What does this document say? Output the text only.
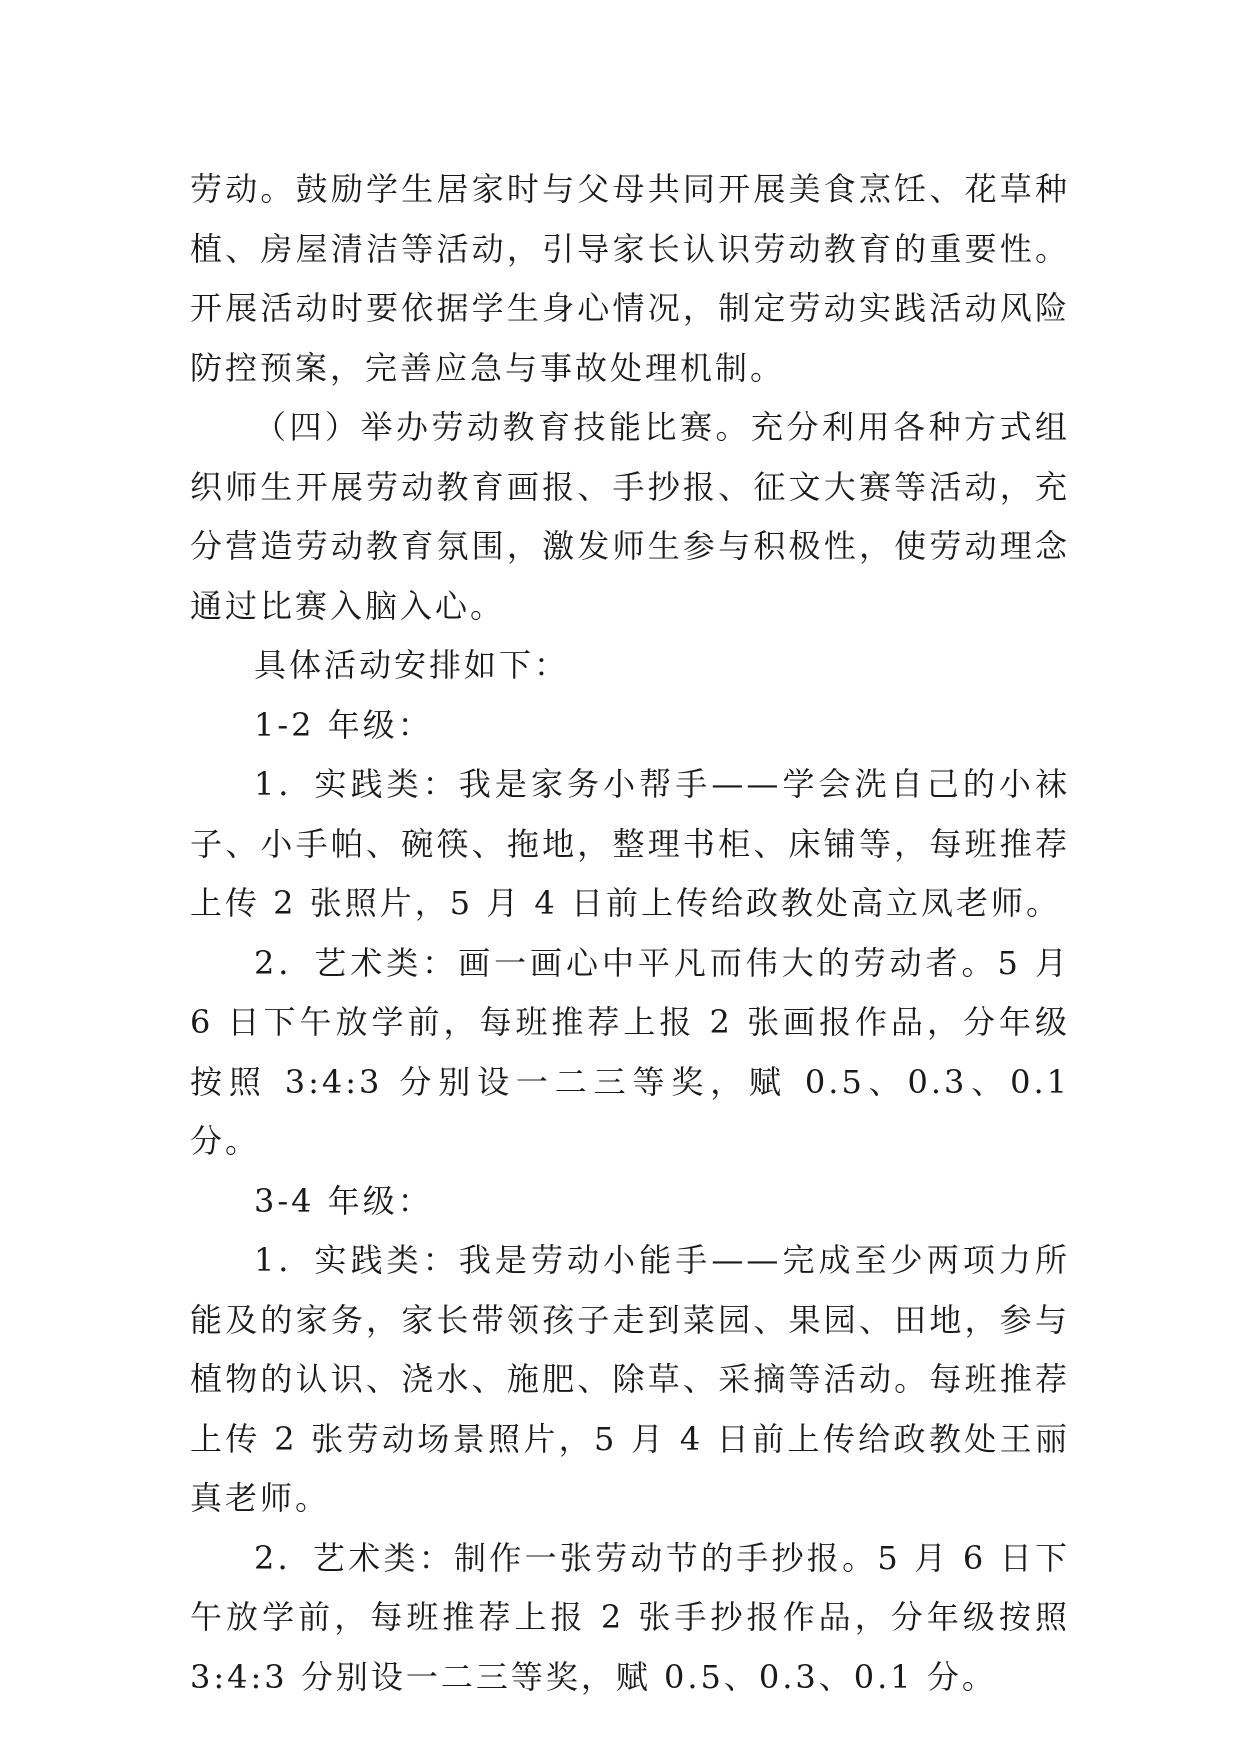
劳动。鼓励学生居家时与父母共同开展美食烹饪、花草种植、房屋清洁等活动，引导家长认识劳动教育的重要性。开展活动时要依据学生身心情况，制定劳动实践活动风险防控预案，完善应急与事故处理机制。

（四）举办劳动教育技能比赛。充分利用各种方式组织师生开展劳动教育画报、手抄报、征文大赛等活动，充分营造劳动教育氛围，激发师生参与积极性，使劳动理念通过比赛入脑入心。

具体活动安排如下：

1-2 年级：

1．实践类：我是家务小帮手——学会洗自己的小袜子、小手帕、碗筷、拖地，整理书柜、床铺等，每班推荐上传 2 张照片，5 月 4 日前上传给政教处高立凤老师。

2．艺术类：画一画心中平凡而伟大的劳动者。5 月 6 日下午放学前，每班推荐上报 2 张画报作品，分年级按照 3:4:3 分别设一二三等奖，赋 0.5、0.3、0.1 分。

3-4 年级：

1．实践类：我是劳动小能手——完成至少两项力所能及的家务，家长带领孩子走到菜园、果园、田地，参与植物的认识、浇水、施肥、除草、采摘等活动。每班推荐上传 2 张劳动场景照片，5 月 4 日前上传给政教处王丽真老师。

2．艺术类：制作一张劳动节的手抄报。5 月 6 日下午放学前，每班推荐上报 2 张手抄报作品，分年级按照 3:4:3 分别设一二三等奖，赋 0.5、0.3、0.1 分。
